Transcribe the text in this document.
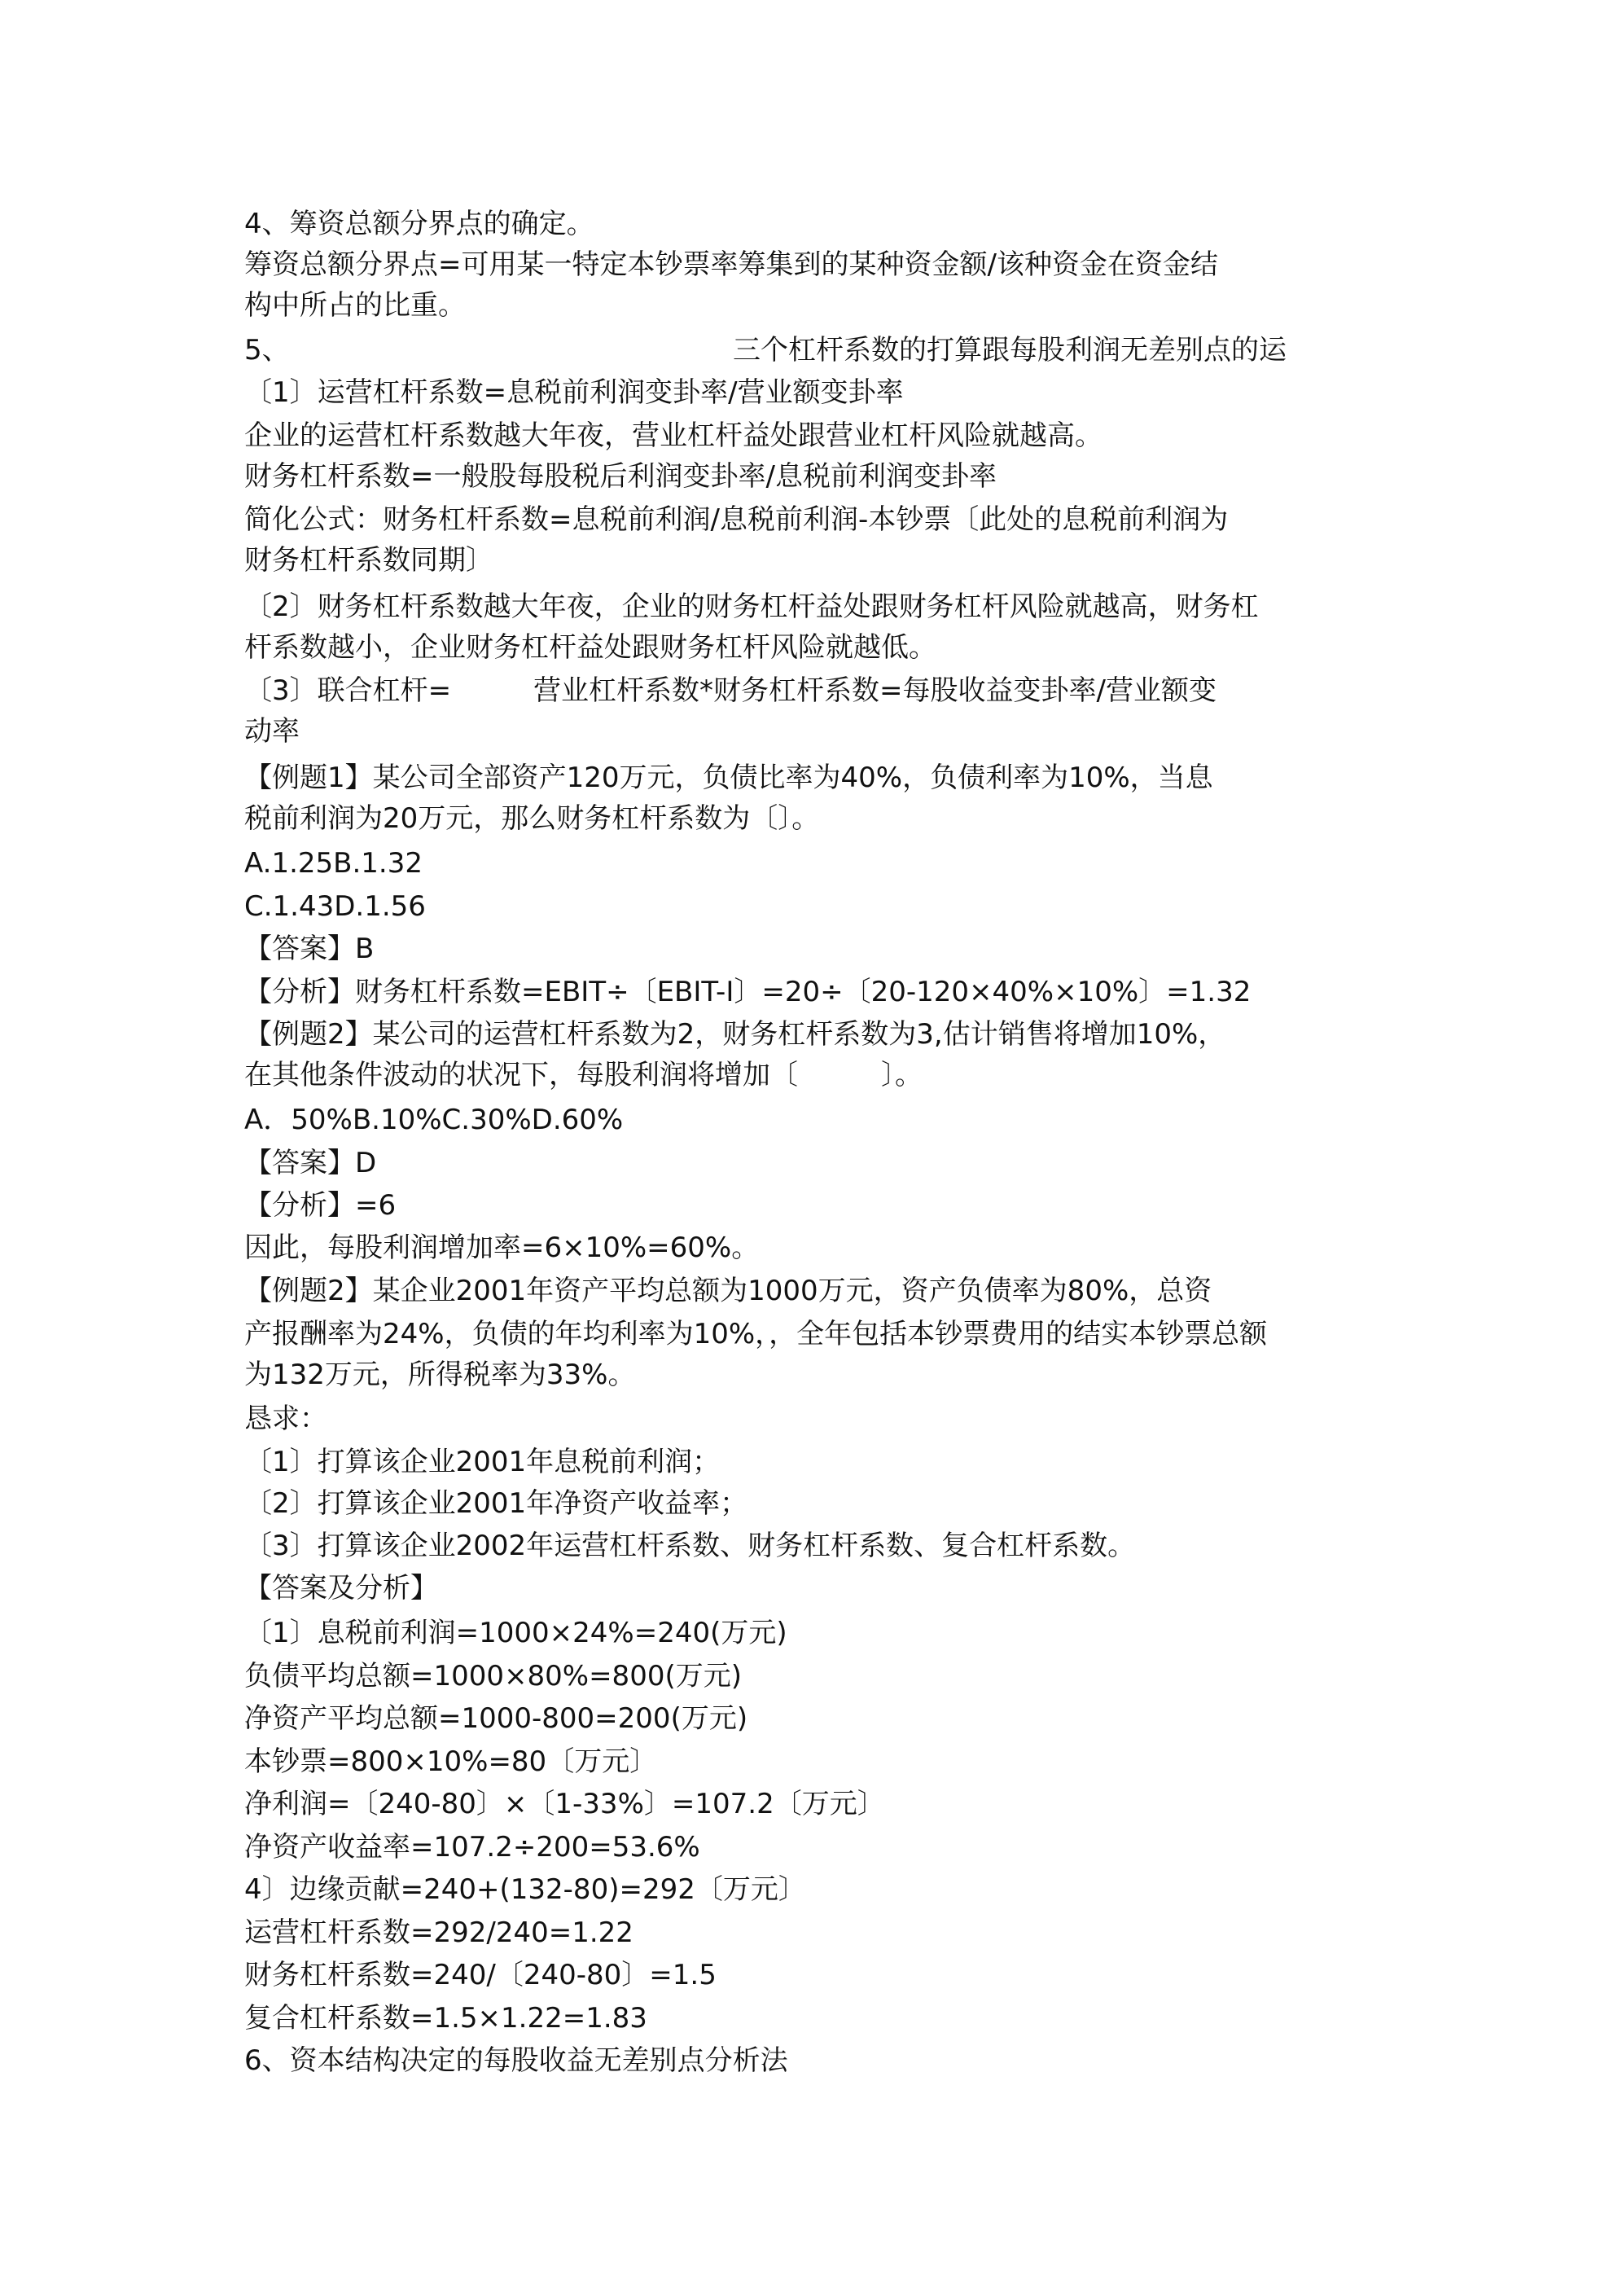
4、筹资总额分界点的确定。
筹资总额分界点=可用某一特定本钞票率筹集到的某种资金额/该种资金在资金结
构中所占的比重。
5、	三个杠杆系数的打算跟每股利润无差别点的运
〔1〕运营杠杆系数=息税前利润变卦率/营业额变卦率
企业的运营杠杆系数越大年夜，营业杠杆益处跟营业杠杆风险就越高。
财务杠杆系数=一般股每股税后利润变卦率/息税前利润变卦率
简化公式：财务杠杆系数=息税前利润/息税前利润-本钞票〔此处的息税前利润为
财务杠杆系数同期〕
〔2〕财务杠杆系数越大年夜，企业的财务杠杆益处跟财务杠杆风险就越高，财务杠
杆系数越小，企业财务杠杆益处跟财务杠杆风险就越低。
〔3〕联合杠杆=	营业杠杆系数*财务杠杆系数=每股收益变卦率/营业额变
动率
【例题1】某公司全部资产120万元，负债比率为40%，负债利率为10%，当息
税前利润为20万元，那么财务杠杆系数为〔〕。
A.1.25B.1.32
C.1.43D.1.56
【答案】B
【分析】财务杠杆系数=EBIT÷〔EBIT-I〕=20÷〔20-120×40%×10%〕=1.32
【例题2】某公司的运营杠杆系数为2，财务杠杆系数为3,估计销售将增加10%，
在其他条件波动的状况下，每股利润将增加〔　　　〕。
A．50%B.10%C.30%D.60%
【答案】D
【分析】=6
因此，每股利润增加率=6×10%=60%。
【例题2】某企业2001年资产平均总额为1000万元，资产负债率为80%，总资
产报酬率为24%，负债的年均利率为10%，，全年包括本钞票费用的结实本钞票总额
为132万元，所得税率为33%。
恳求：
〔1〕打算该企业2001年息税前利润；
〔2〕打算该企业2001年净资产收益率；
〔3〕打算该企业2002年运营杠杆系数、财务杠杆系数、复合杠杆系数。
【答案及分析】
〔1〕息税前利润=1000×24%=240(万元)
负债平均总额=1000×80%=800(万元)
净资产平均总额=1000-800=200(万元)
本钞票=800×10%=80〔万元〕
净利润=〔240-80〕×〔1-33%〕=107.2〔万元〕
净资产收益率=107.2÷200=53.6%
4〕边缘贡献=240+(132-80)=292〔万元〕
运营杠杆系数=292/240=1.22
财务杠杆系数=240/〔240-80〕=1.5
复合杠杆系数=1.5×1.22=1.83
6、资本结构决定的每股收益无差别点分析法
